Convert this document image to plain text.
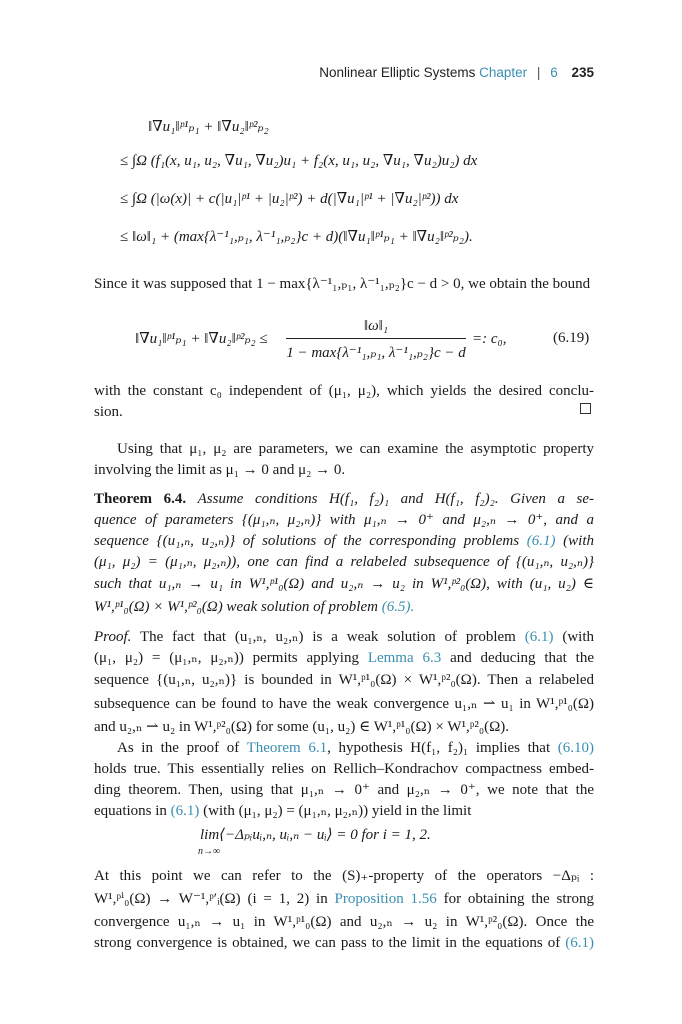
Nonlinear Elliptic Systems Chapter | 6 235
‖∇u₁‖ᵖ¹ₚ₁ + ‖∇u₂‖ᵖ²ₚ₂
≤ ∫Ω (f₁(x, u₁, u₂, ∇u₁, ∇u₂)u₁ + f₂(x, u₁, u₂, ∇u₁, ∇u₂)u₂) dx
≤ ∫Ω (|ω(x)| + c(|u₁|ᵖ¹ + |u₂|ᵖ²) + d(|∇u₁|ᵖ¹ + |∇u₂|ᵖ²)) dx
≤ ‖ω‖₁ + (max{λ⁻¹₁,ₚ₁, λ⁻¹₁,ₚ₂}c + d)(‖∇u₁‖ᵖ¹ₚ₁ + ‖∇u₂‖ᵖ²ₚ₂).
Since it was supposed that 1 − max{λ⁻¹₁,ₚ₁, λ⁻¹₁,ₚ₂}c − d > 0, we obtain the bound
‖∇u₁‖ᵖ¹ₚ₁ + ‖∇u₂‖ᵖ²ₚ₂ ≤
‖ω‖₁
1 − max{λ⁻¹₁,ₚ₁, λ⁻¹₁,ₚ₂}c − d
=: c₀,	(6.19)
with the constant c₀ independent of (μ₁, μ₂), which yields the desired conclu-
sion.
Using that μ₁, μ₂ are parameters, we can examine the asymptotic property
involving the limit as μ₁ → 0 and μ₂ → 0.
Theorem 6.4. Assume conditions H(f₁, f₂)₁ and H(f₁, f₂)₂. Given a se-
quence of parameters {(μ₁,ₙ, μ₂,ₙ)} with μ₁,ₙ → 0⁺ and μ₂,ₙ → 0⁺, and a
sequence {(u₁,ₙ, u₂,ₙ)} of solutions of the corresponding problems (6.1) (with
(μ₁, μ₂) = (μ₁,ₙ, μ₂,ₙ)), one can find a relabeled subsequence of {(u₁,ₙ, u₂,ₙ)}
such that u₁,ₙ → u₁ in W¹,ᵖ¹₀(Ω) and u₂,ₙ → u₂ in W¹,ᵖ²₀(Ω), with (u₁, u₂) ∈
W¹,ᵖ¹₀(Ω) × W¹,ᵖ²₀(Ω) weak solution of problem (6.5).
Proof. The fact that (u₁,ₙ, u₂,ₙ) is a weak solution of problem (6.1) (with
(μ₁, μ₂) = (μ₁,ₙ, μ₂,ₙ)) permits applying Lemma 6.3 and deducing that the
sequence {(u₁,ₙ, u₂,ₙ)} is bounded in W¹,ᵖ¹₀(Ω) × W¹,ᵖ²₀(Ω). Then a relabeled
subsequence can be found to have the weak convergence u₁,ₙ ⇀ u₁ in W¹,ᵖ¹₀(Ω)
and u₂,ₙ ⇀ u₂ in W¹,ᵖ²₀(Ω) for some (u₁, u₂) ∈ W¹,ᵖ¹₀(Ω) × W¹,ᵖ²₀(Ω).
As in the proof of Theorem 6.1, hypothesis H(f₁, f₂)₁ implies that (6.10)
holds true. This essentially relies on Rellich–Kondrachov compactness embed-
ding theorem. Then, using that μ₁,ₙ → 0⁺ and μ₂,ₙ → 0⁺, we note that the
equations in (6.1) (with (μ₁, μ₂) = (μ₁,ₙ, μ₂,ₙ)) yield in the limit
lim⟨−Δₚᵢuᵢ,ₙ, uᵢ,ₙ − uᵢ⟩ = 0 for i = 1, 2.
n→∞
At this point we can refer to the (S)₊-property of the operators −Δₚᵢ :
W¹,ᵖⁱ₀(Ω) → W⁻¹,ᵖ′ᵢ(Ω) (i = 1, 2) in Proposition 1.56 for obtaining the strong
convergence u₁,ₙ → u₁ in W¹,ᵖ¹₀(Ω) and u₂,ₙ → u₂ in W¹,ᵖ²₀(Ω). Once the
strong convergence is obtained, we can pass to the limit in the equations of (6.1)
